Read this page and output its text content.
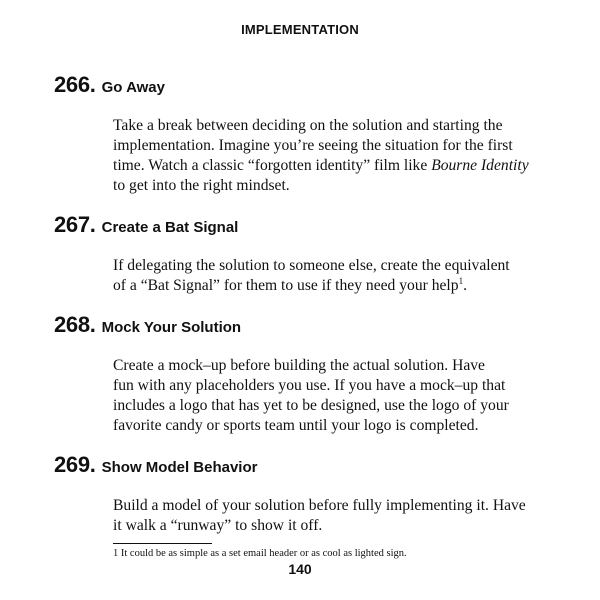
IMPLEMENTATION
266. Go Away
Take a break between deciding on the solution and starting the
implementation. Imagine you’re seeing the situation for the first
time. Watch a classic “forgotten identity” film like Bourne Identity
to get into the right mindset.
267. Create a Bat Signal
If delegating the solution to someone else, create the equivalent
of a “Bat Signal” for them to use if they need your help$^1$.
268. Mock Your Solution
Create a mock–up before building the actual solution. Have
fun with any placeholders you use. If you have a mock–up that
includes a logo that has yet to be designed, use the logo of your
favorite candy or sports team until your logo is completed.
269. Show Model Behavior
Build a model of your solution before fully implementing it. Have
it walk a “runway” to show it off.
1 It could be as simple as a set email header or as cool as lighted sign.
140
